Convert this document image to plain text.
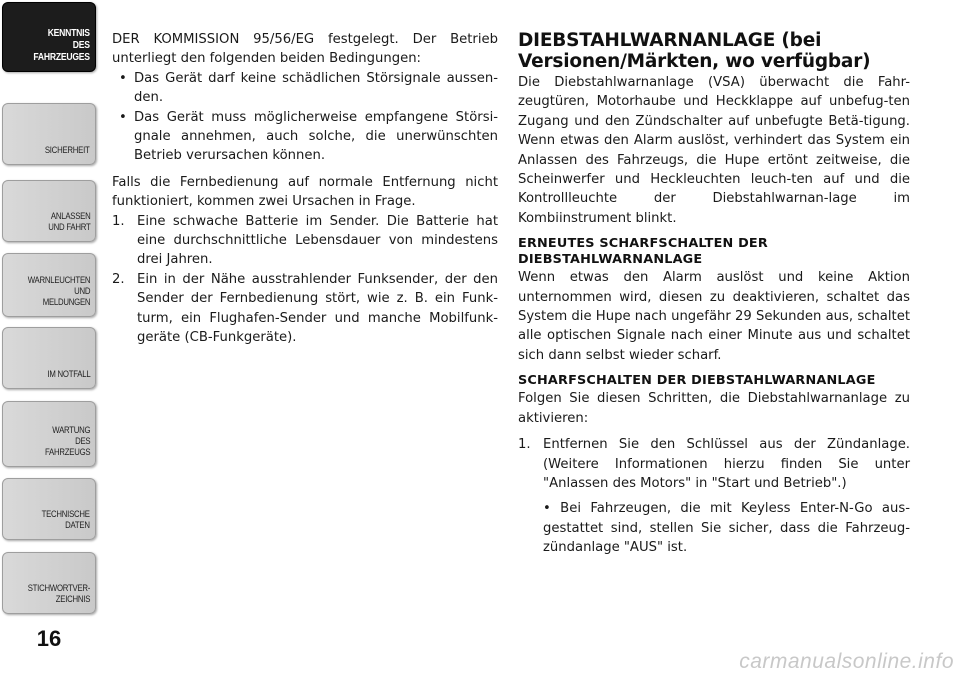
KENNTNIS
DES
FAHRZEUGES
SICHERHEIT
ANLASSEN
UND FAHRT
WARNLEUCHTEN
UND
MELDUNGEN
IM NOTFALL
WARTUNG
DES
FAHRZEUGS
TECHNISCHE
DATEN
STICHWORTVER-
ZEICHNIS
16

DER KOMMISSION 95/56/EG festgelegt. Der Betrieb unterliegt den folgenden beiden Bedingungen:

• Das Gerät darf keine schädlichen Störsignale aussen-den.
• Das Gerät muss möglicherweise empfangene Störsi-gnale annehmen, auch solche, die unerwünschten Betrieb verursachen können.

Falls die Fernbedienung auf normale Entfernung nicht funktioniert, kommen zwei Ursachen in Frage.

1. Eine schwache Batterie im Sender. Die Batterie hat eine durchschnittliche Lebensdauer von mindestens drei Jahren.
2. Ein in der Nähe ausstrahlender Funksender, der den Sender der Fernbedienung stört, wie z. B. ein Funk-turm, ein Flughafen-Sender und manche Mobilfunk-geräte (CB-Funkgeräte).
DIEBSTAHLWARNANLAGE (bei Versionen/Märkten, wo verfügbar)

Die Diebstahlwarnanlage (VSA) überwacht die Fahr-zeugtüren, Motorhaube und Heckklappe auf unbefug-ten Zugang und den Zündschalter auf unbefugte Betä-tigung. Wenn etwas den Alarm auslöst, verhindert das System ein Anlassen des Fahrzeugs, die Hupe ertönt zeitweise, die Scheinwerfer und Heckleuchten leuch-ten auf und die Kontrollleuchte der Diebstahlwarnan-lage im Kombiinstrument blinkt.

ERNEUTES SCHARFSCHALTEN DER DIEBSTAHLWARNANLAGE

Wenn etwas den Alarm auslöst und keine Aktion unternommen wird, diesen zu deaktivieren, schaltet das System die Hupe nach ungefähr 29 Sekunden aus, schaltet alle optischen Signale nach einer Minute aus und schaltet sich dann selbst wieder scharf.

SCHARFSCHALTEN DER DIEBSTAHLWARNANLAGE

Folgen Sie diesen Schritten, die Diebstahlwarnanlage zu aktivieren:

1. Entfernen Sie den Schlüssel aus der Zündanlage. (Weitere Informationen hierzu finden Sie unter "Anlassen des Motors" in "Start und Betrieb".)
• Bei Fahrzeugen, die mit Keyless Enter-N-Go aus-gestattet sind, stellen Sie sicher, dass die Fahrzeug-zündanlage "AUS" ist.
carmanualsonline.info
